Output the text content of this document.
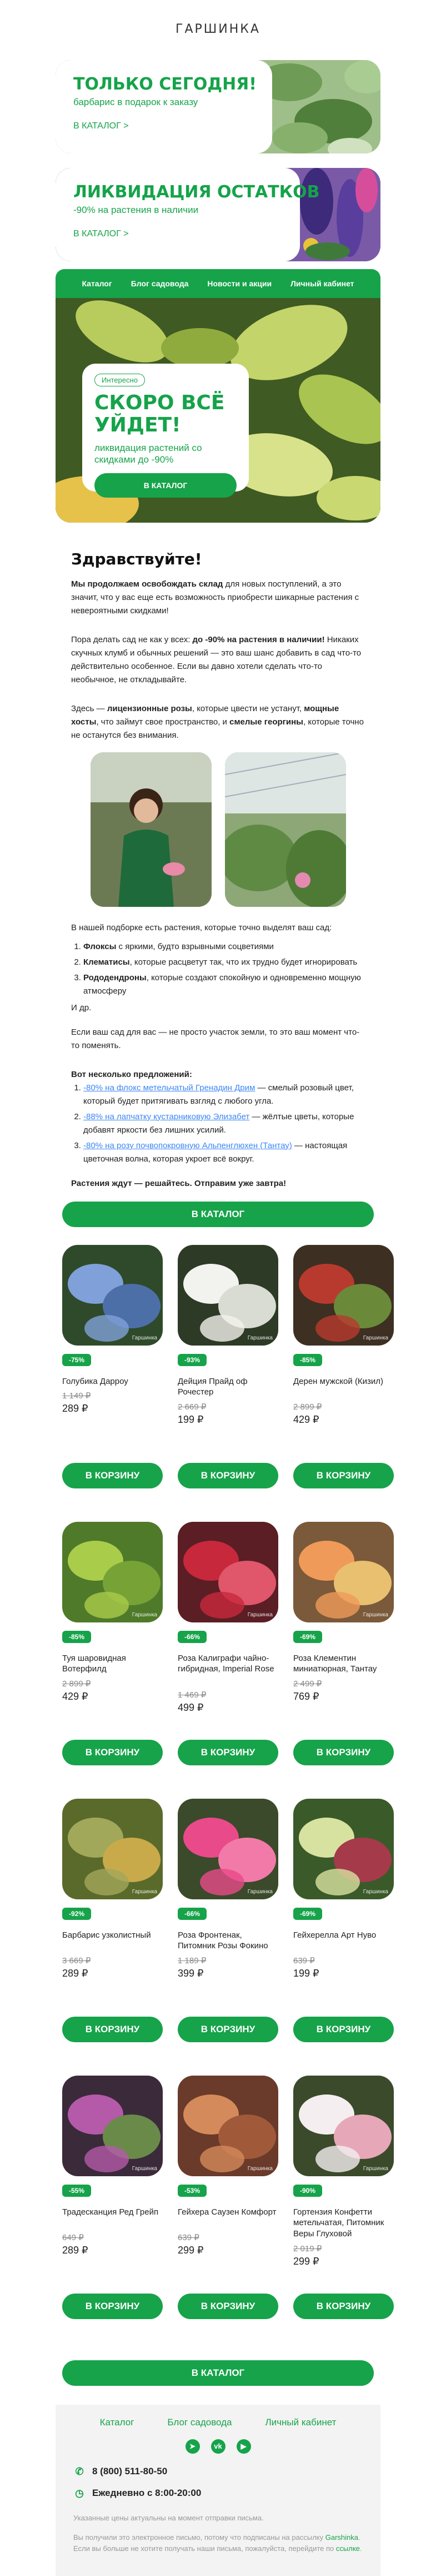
ГАРШИНКА
ТОЛЬКО СЕГОДНЯ!
барбарис в подарок к заказу
В КАТАЛОГ >
ЛИКВИДАЦИЯ ОСТАТКОВ
-90% на растения в наличии
В КАТАЛОГ >
Каталог Блог садовода Новости и акции Личный кабинет
Интересно
СКОРО ВСЁ УЙДЕТ!
ликвидация растений со скидками до -90%
В КАТАЛОГ
Здравствуйте!

Мы продолжаем освобождать склад для новых поступлений, а это значит, что у вас еще есть возможность приобрести шикарные растения с невероятными скидками!

Пора делать сад не как у всех: до -90% на растения в наличии! Никаких скучных клумб и обычных решений — это ваш шанс добавить в сад что-то действительно особенное. Если вы давно хотели сделать что-то необычное, не откладывайте.

Здесь — лицензионные розы, которые цвести не устанут, мощные хосты, что займут свое пространство, и смелые георгины, которые точно не останутся без внимания.

В нашей подборке есть растения, которые точно выделят ваш сад:

1. Флоксы с яркими, будто взрывными соцветиями
2. Клематисы, которые расцветут так, что их трудно будет игнорировать
3. Рододендроны, которые создают спокойную и одновременно мощную атмосферу

И др.

Если ваш сад для вас — не просто участок земли, то это ваш момент что-то поменять.

Вот несколько предложений:

1. -80% на флокс метельчатый Гренадин Дрим — смелый розовый цвет, который будет притягивать взгляд с любого угла.
2. -88% на лапчатку кустарниковую Элизабет — жёлтые цветы, которые добавят яркости без лишних усилий.
3. -80% на розу почвопокровную Альпенглюхен (Тантау) — настоящая цветочная волна, которая укроет всё вокруг.

Растения ждут — решайтесь. Отправим уже завтра!

В КАТАЛОГ
Гаршинка
-75%
Голубика Дарроу
1 149 ₽
289 ₽
В КОРЗИНУ
Гаршинка
-93%
Дейция Прайд оф Рочестер
2 669 ₽
199 ₽
В КОРЗИНУ
Гаршинка
-85%
Дерен мужской (Кизил)
2 899 ₽
429 ₽
В КОРЗИНУ
Гаршинка
-85%
Туя шаровидная Вотерфилд
2 899 ₽
429 ₽
В КОРЗИНУ
Гаршинка
-66%
Роза Калиграфи чайно-гибридная, Imperial Rose
1 469 ₽
499 ₽
В КОРЗИНУ
Гаршинка
-69%
Роза Клементин миниатюрная, Тантау
2 499 ₽
769 ₽
В КОРЗИНУ
Гаршинка
-92%
Барбарис узколистный
3 669 ₽
289 ₽
В КОРЗИНУ
Гаршинка
-66%
Роза Фронтенак, Питомник Розы Фокино
1 189 ₽
399 ₽
В КОРЗИНУ
Гаршинка
-69%
Гейхерелла Арт Нуво
639 ₽
199 ₽
В КОРЗИНУ
Гаршинка
-55%
Традесканция Ред Грейп
649 ₽
289 ₽
В КОРЗИНУ
Гаршинка
-53%
Гейхера Саузен Комфорт
639 ₽
299 ₽
В КОРЗИНУ
Гаршинка
-90%
Гортензия Конфетти метельчатая, Питомник Веры Глуховой
2 019 ₽
299 ₽
В КОРЗИНУ
В КАТАЛОГ
Каталог	Блог садовода	Личный кабинет
➤	vk	▶
✆ 8 (800) 511-80-50
◷ Ежедневно с 8:00-20:00
Указанные цены актуальны на момент отправки письма.
Вы получили это электронное письмо, потому что подписаны на рассылку Garshinka. Если вы больше не хотите получать наши письма, пожалуйста, перейдите по ссылке.
